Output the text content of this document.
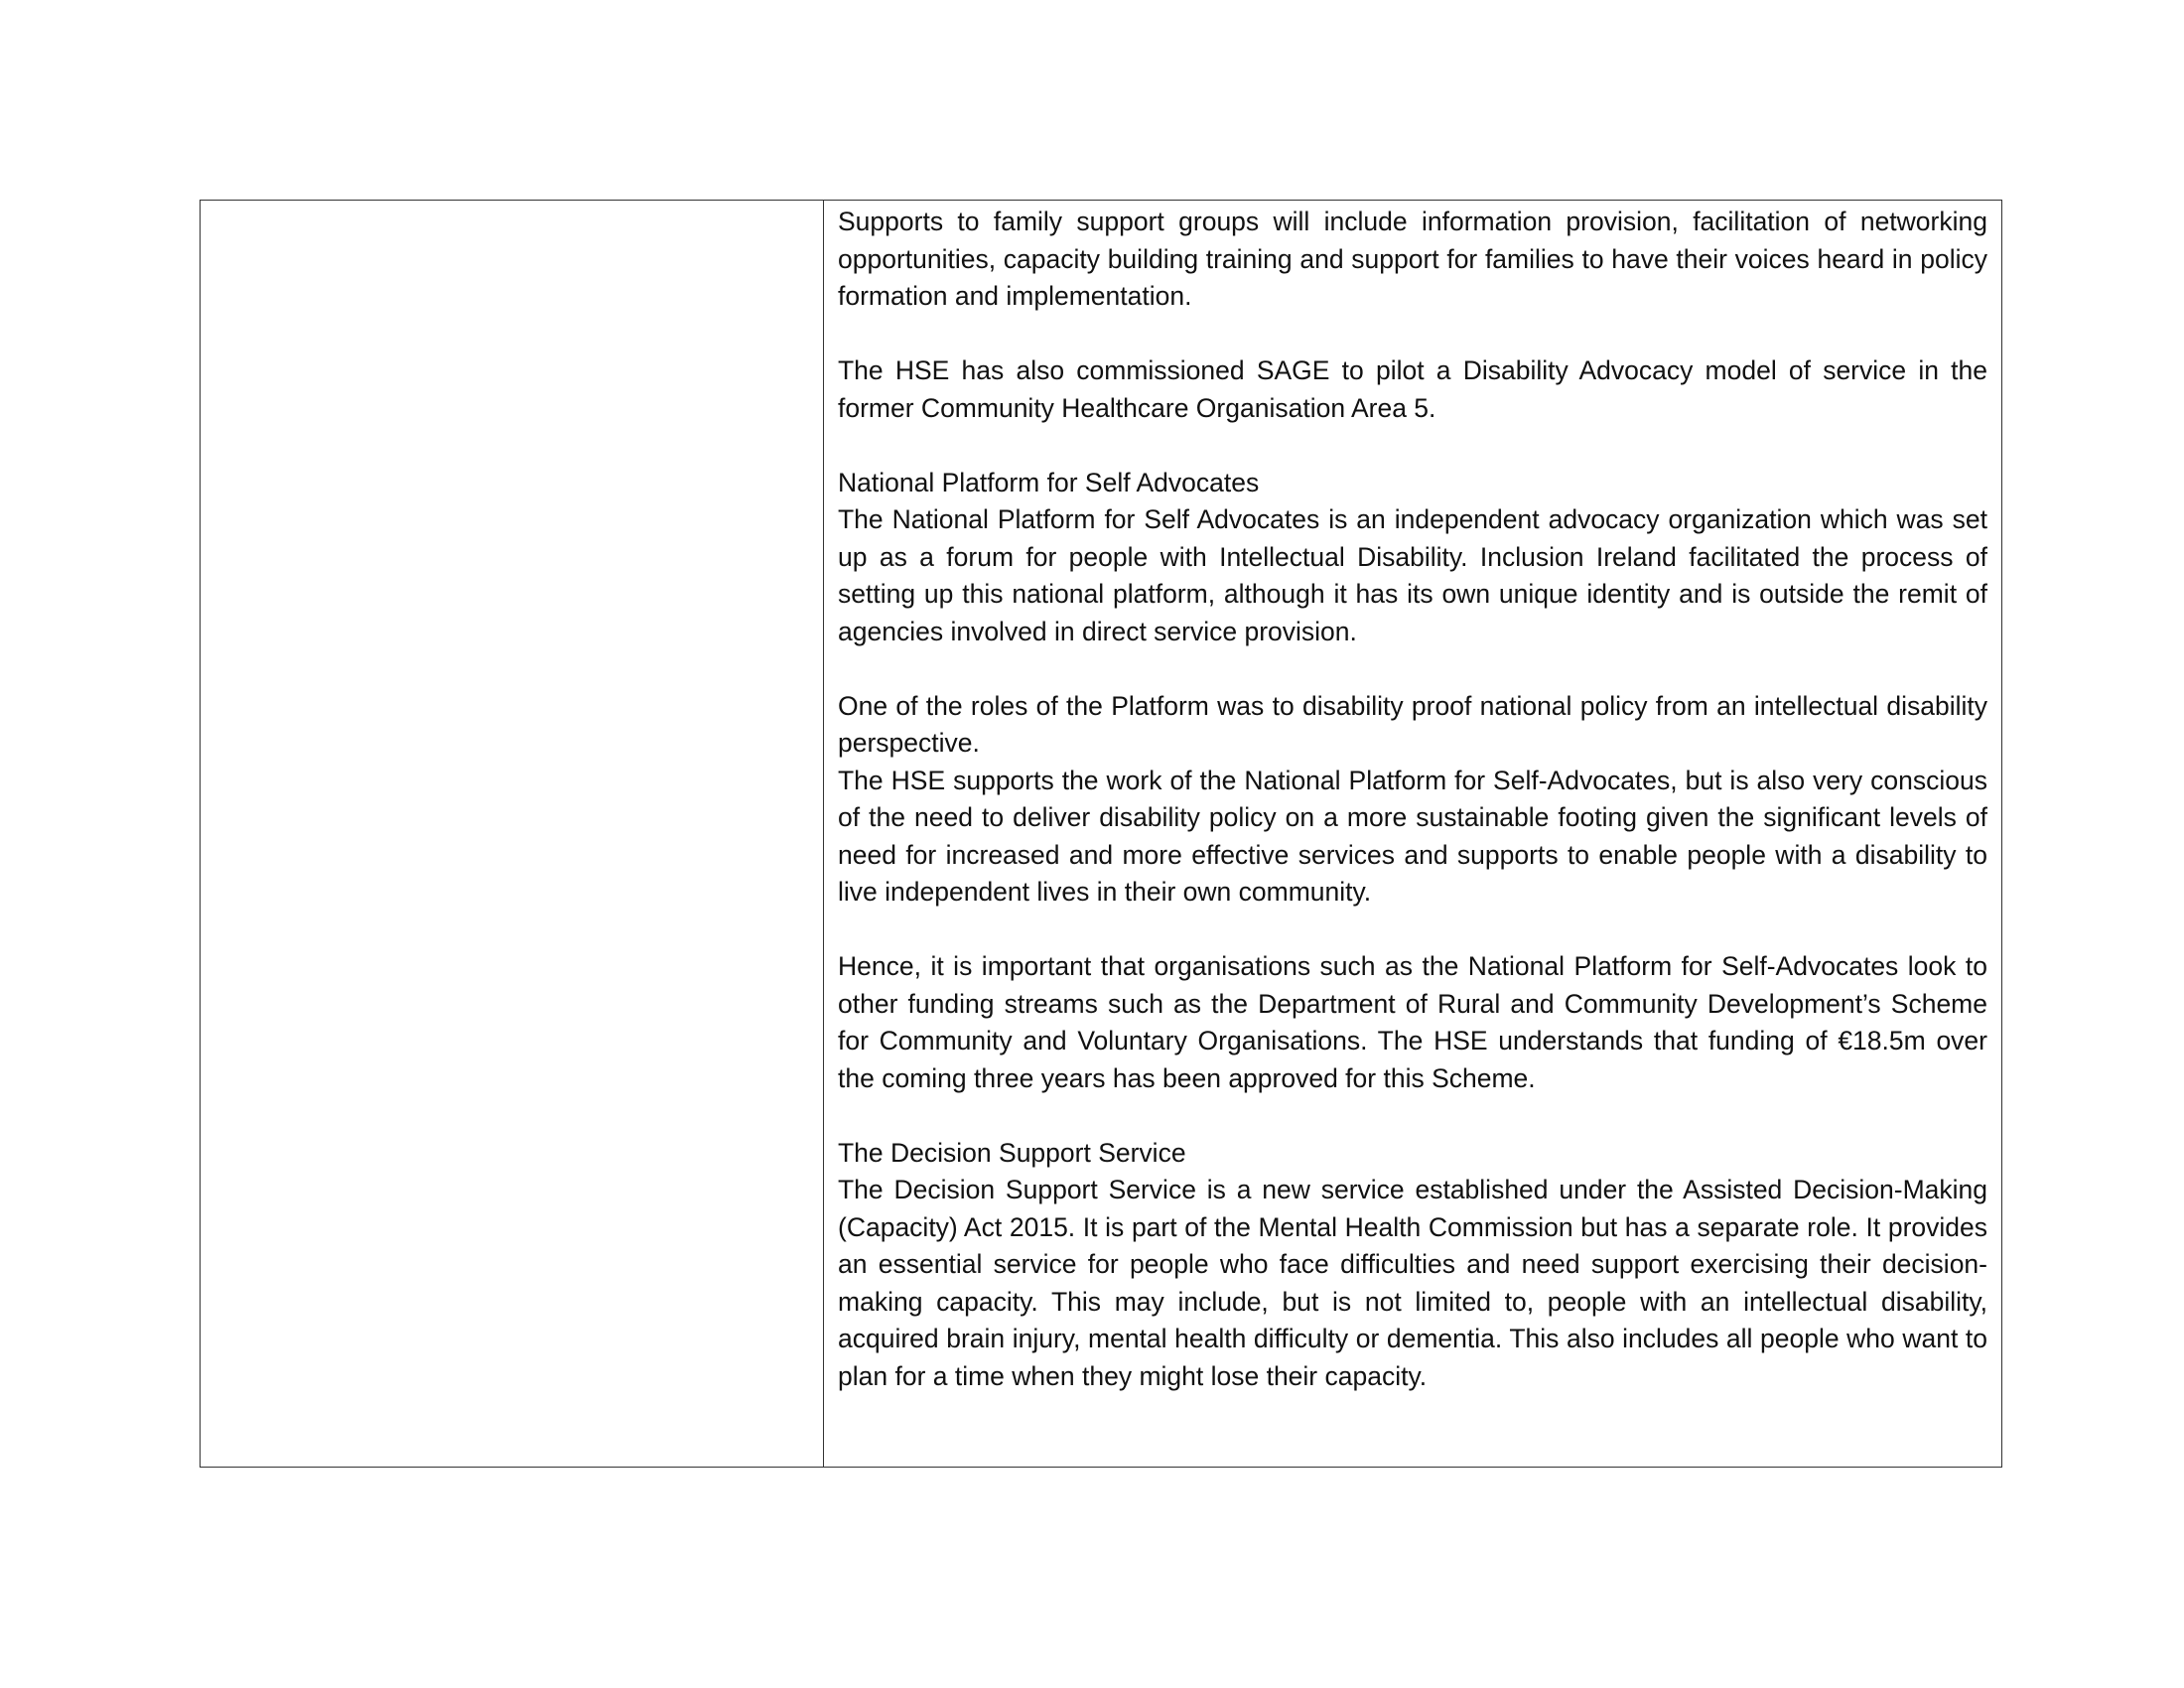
Supports to family support groups will include information provision, facilitation of networking opportunities, capacity building training and support for families to have their voices heard in policy formation and implementation.

The HSE has also commissioned SAGE to pilot a Disability Advocacy model of service in the former Community Healthcare Organisation Area 5.

National Platform for Self Advocates

The National Platform for Self Advocates is an independent advocacy organization which was set up as a forum for people with Intellectual Disability. Inclusion Ireland facilitated the process of setting up this national platform, although it has its own unique identity and is outside the remit of agencies involved in direct service provision.

One of the roles of the Platform was to disability proof national policy from an intellectual disability perspective.

The HSE supports the work of the National Platform for Self-Advocates, but is also very conscious of the need to deliver disability policy on a more sustainable footing given the significant levels of need for increased and more effective services and supports to enable people with a disability to live independent lives in their own community.

Hence, it is important that organisations such as the National Platform for Self-Advocates look to other funding streams such as the Department of Rural and Community Development’s Scheme for Community and Voluntary Organisations. The HSE understands that funding of €18.5m over the coming three years has been approved for this Scheme.

The Decision Support Service

The Decision Support Service is a new service established under the Assisted Decision-Making (Capacity) Act 2015. It is part of the Mental Health Commission but has a separate role. It provides an essential service for people who face difficulties and need support exercising their decision-making capacity. This may include, but is not limited to, people with an intellectual disability, acquired brain injury, mental health difficulty or dementia. This also includes all people who want to plan for a time when they might lose their capacity.
